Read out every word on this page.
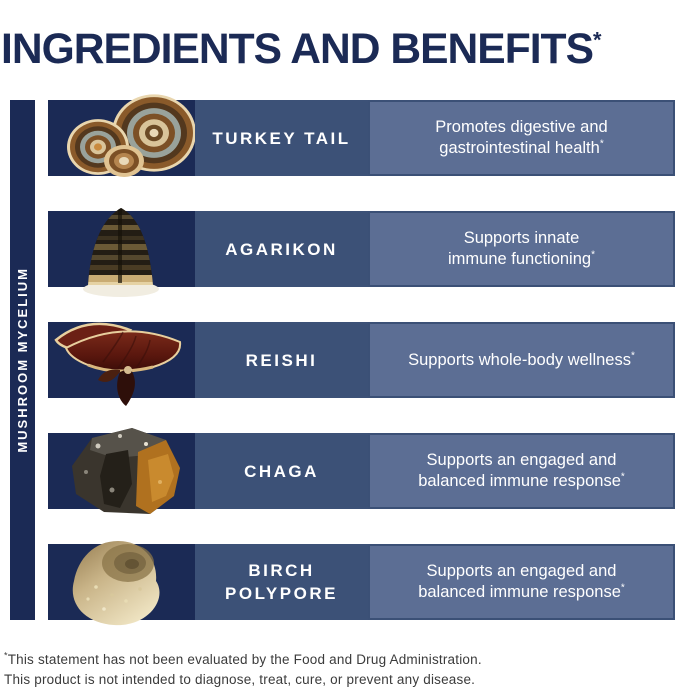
INGREDIENTS AND BENEFITS*
MUSHROOM MYCELIUM
TURKEY TAIL
Promotes digestive and
gastrointestinal health*
AGARIKON
Supports innate
immune functioning*
REISHI	Supports whole-body wellness*
CHAGA
Supports an engaged and
balanced immune response*
BIRCH POLYPORE
Supports an engaged and
balanced immune response*
*This statement has not been evaluated by the Food and Drug Administration.
This product is not intended to diagnose, treat, cure, or prevent any disease.
